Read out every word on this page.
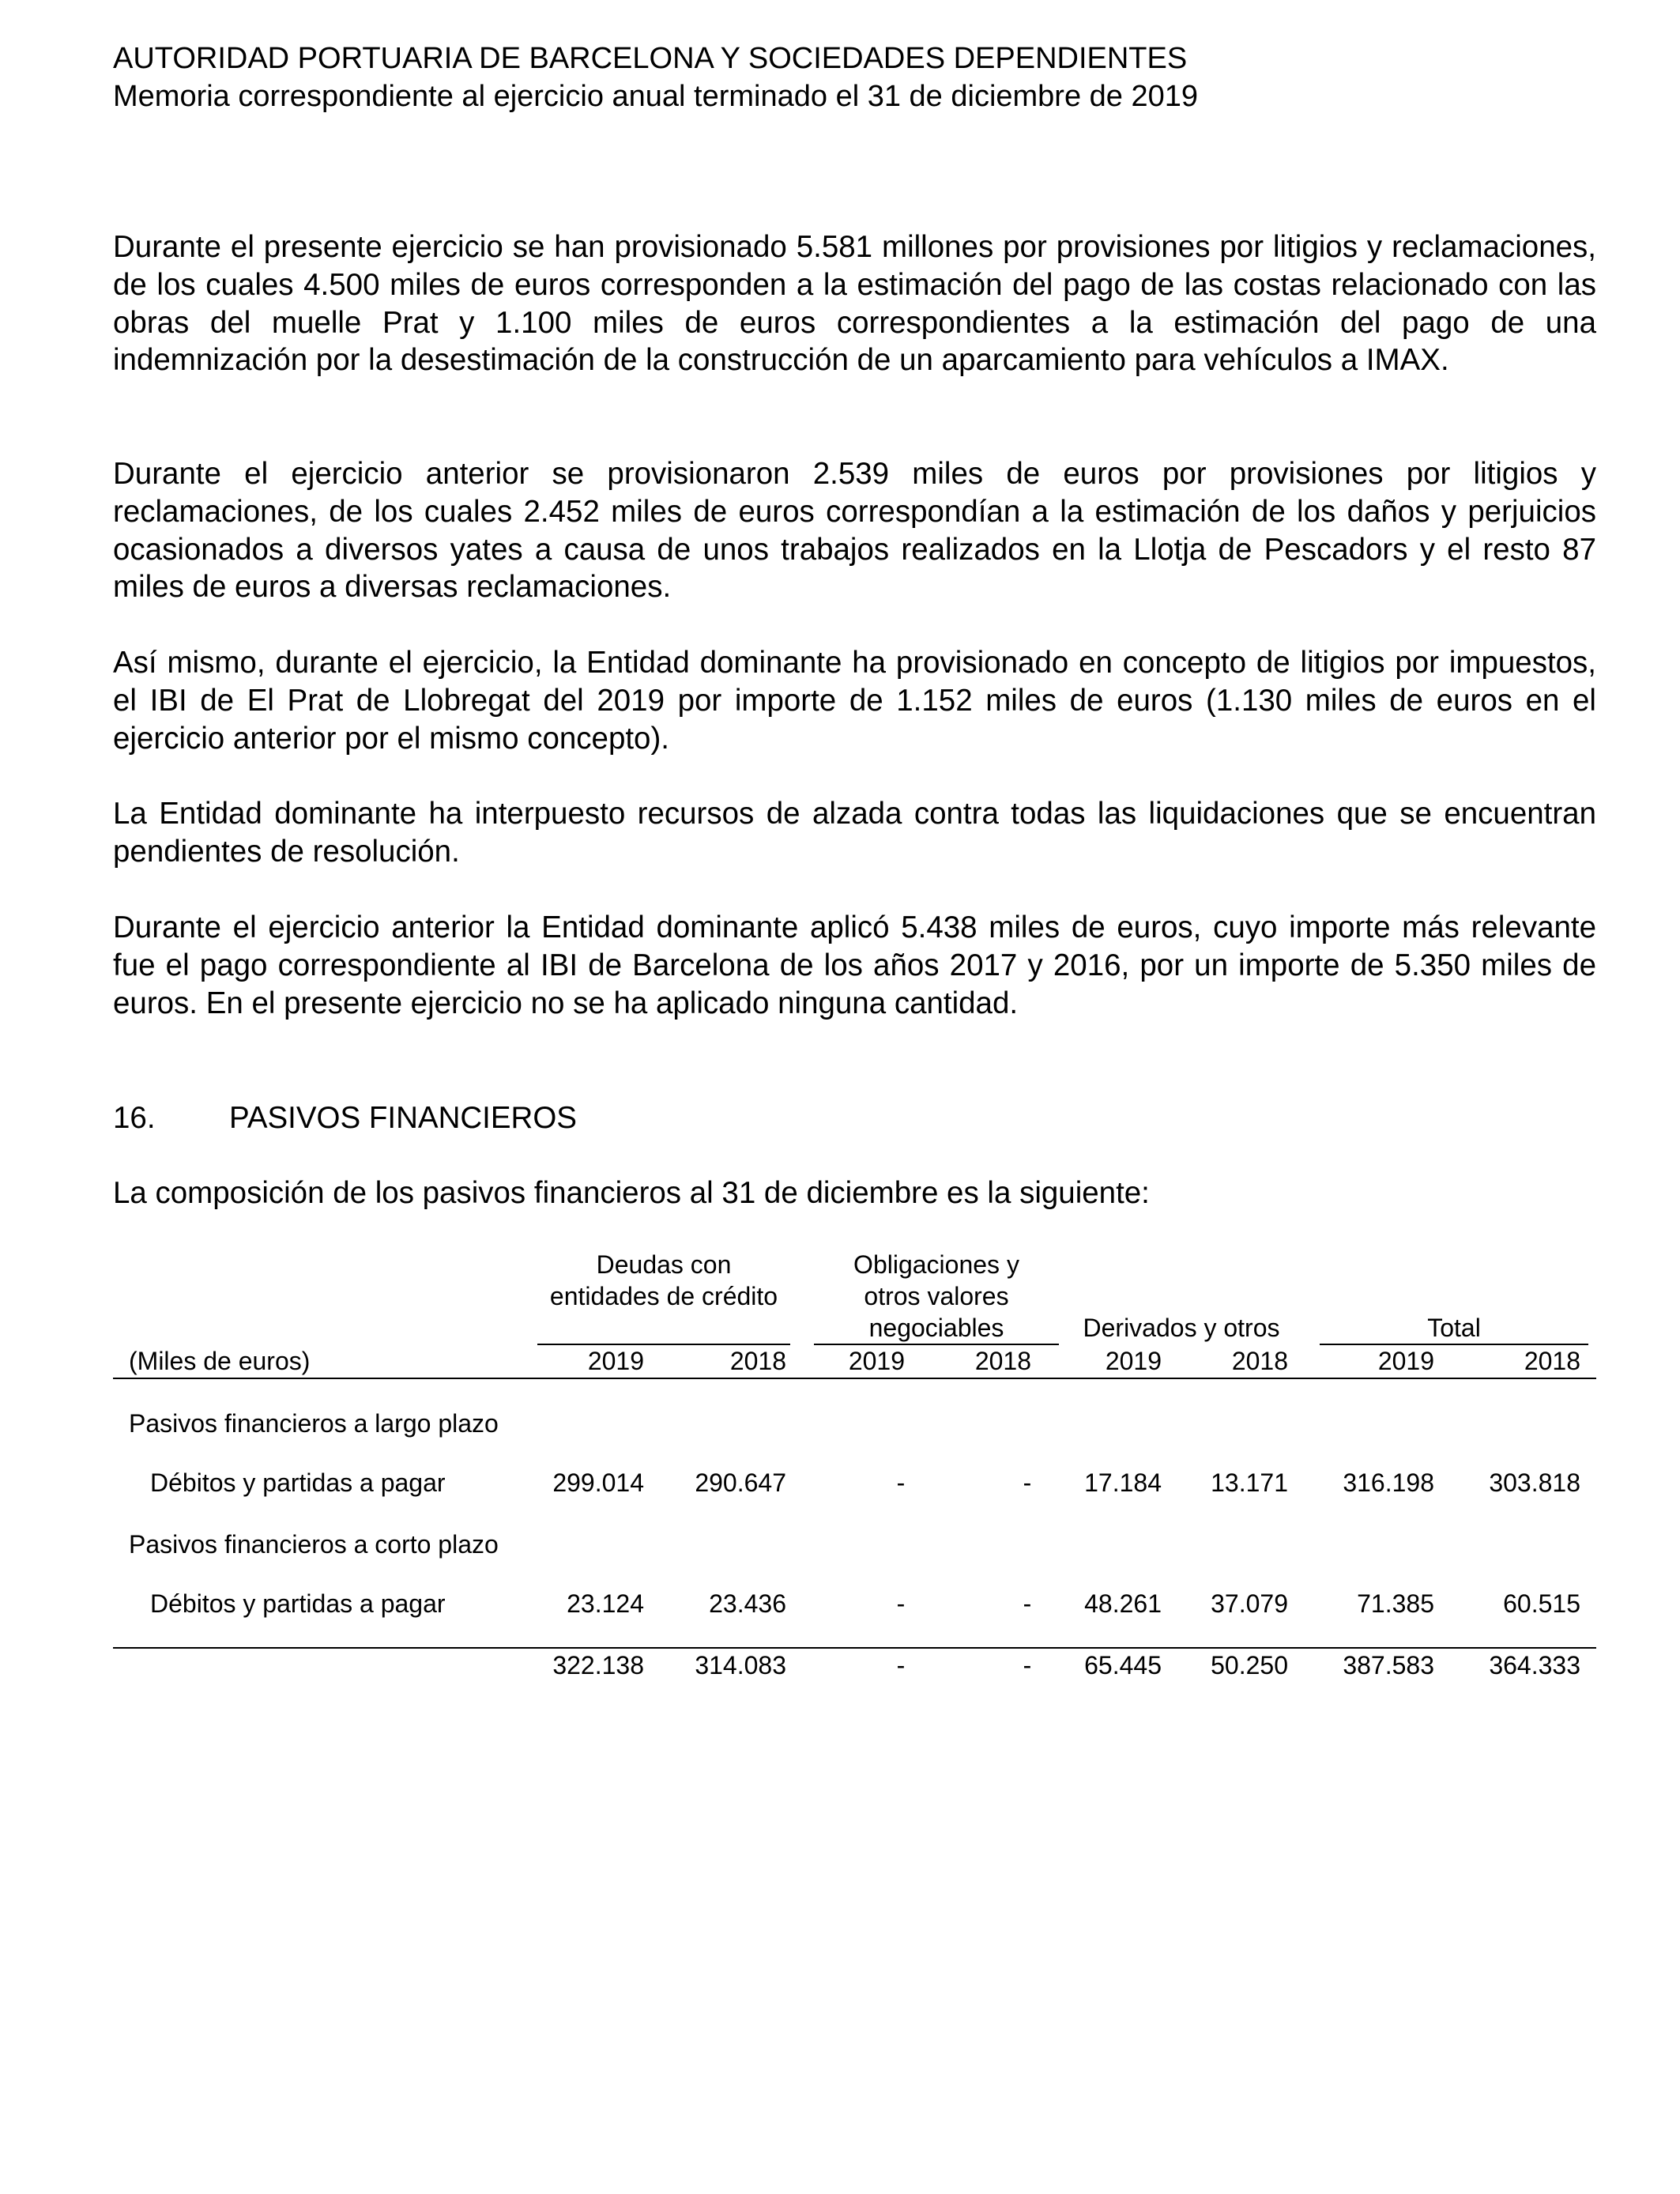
AUTORIDAD PORTUARIA DE BARCELONA Y SOCIEDADES DEPENDIENTES
Memoria correspondiente al ejercicio anual terminado el 31 de diciembre de 2019
Durante el presente ejercicio se han provisionado 5.581 millones por provisiones por litigios y reclamaciones, de los cuales 4.500 miles de euros corresponden a la estimación del pago de las costas relacionado con las obras del muelle Prat y 1.100 miles de euros correspondientes a la estimación del pago de una indemnización por la desestimación de la construcción de un aparcamiento para vehículos a IMAX.
Durante el ejercicio anterior se provisionaron 2.539 miles de euros por provisiones por litigios y reclamaciones, de los cuales 2.452 miles de euros correspondían a la estimación de los daños y perjuicios ocasionados a diversos yates a causa de unos trabajos realizados en la Llotja de Pescadors y el resto 87 miles de euros a diversas reclamaciones.
Así mismo, durante el ejercicio, la Entidad dominante ha provisionado en concepto de litigios por impuestos, el IBI de El Prat de Llobregat del 2019 por importe de 1.152 miles de euros (1.130 miles de euros en el ejercicio anterior por el mismo concepto).
La Entidad dominante ha interpuesto recursos de alzada contra todas las liquidaciones que se encuentran pendientes de resolución.
Durante el ejercicio anterior la Entidad dominante aplicó 5.438 miles de euros, cuyo importe más relevante fue el pago correspondiente al IBI de Barcelona de los años 2017 y 2016, por un importe de 5.350 miles de euros. En el presente ejercicio no se ha aplicado ninguna cantidad.
16. PASIVOS FINANCIEROS
La composición de los pasivos financieros al 31 de diciembre es la siguiente:
Deudas con
entidades de crédito
Obligaciones y
otros valores
negociables	Derivados y otros	Total
(Miles de euros)	2019	2018	2019	2018	2019	2018	2019	2018
Pasivos financieros a largo plazo
Débitos y partidas a pagar	299.014	290.647	-	-	17.184	13.171	316.198	303.818
Pasivos financieros a corto plazo
Débitos y partidas a pagar	23.124	23.436	-	-	48.261	37.079	71.385	60.515
322.138	314.083	-	-	65.445	50.250	387.583	364.333
